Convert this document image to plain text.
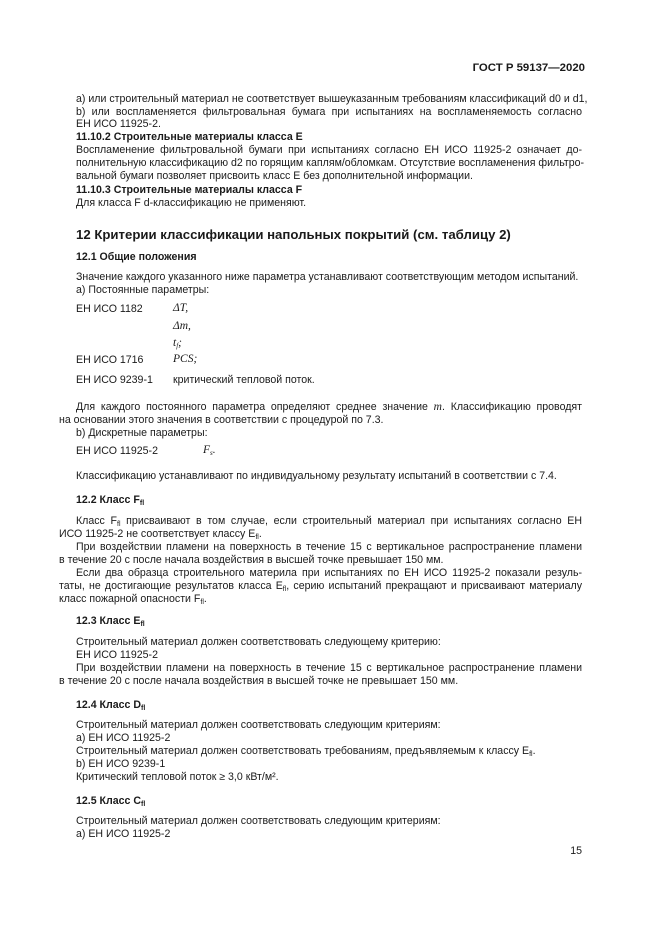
ГОСТ Р 59137—2020
a) или строительный материал не соответствует вышеуказанным требованиям классификаций d0 и d1,
b) или воспламеняется фильтровальная бумага при испытаниях на воспламеняемость согласно
ЕН ИСО 11925-2.
11.10.2 Строительные материалы класса Е
Воспламенение фильтровальной бумаги при испытаниях согласно ЕН ИСО 11925-2 означает до-
полнительную классификацию d2 по горящим каплям/обломкам. Отсутствие воспламенения фильтро-
вальной бумаги позволяет присвоить класс Е без дополнительной информации.
11.10.3 Строительные материалы класса F
Для класса F d-классификацию не применяют.
12 Критерии классификации напольных покрытий (см. таблицу 2)
12.1 Общие положения
Значение каждого указанного ниже параметра устанавливают соответствующим методом испытаний.
а) Постоянные параметры:
ЕН ИСО 1182	ΔT,
Δm,
$t_f$;
ЕН ИСО 1716	PCS;
ЕН ИСО 9239-1 критический тепловой поток.
Для каждого постоянного параметра определяют среднее значение m. Классификацию проводят
на основании этого значения в соответствии с процедурой по 7.3.
b) Дискретные параметры:
ЕН ИСО 11925-2	$F_s$.
Классификацию устанавливают по индивидуальному результату испытаний в соответствии с 7.4.
12.2 Класс $F_{fl}$
Класс $F_{fl}$ присваивают в том случае, если строительный материал при испытаниях согласно ЕН
ИСО 11925-2 не соответствует классу $E_{fl}$.
При воздействии пламени на поверхность в течение 15 с вертикальное распространение пламени
в течение 20 с после начала воздействия в высшей точке превышает 150 мм.
Если два образца строительного материла при испытаниях по ЕН ИСО 11925-2 показали резуль-
таты, не достигающие результатов класса $E_{fl}$, серию испытаний прекращают и присваивают материалу
класс пожарной опасности $F_{fl}$.
12.3 Класс $E_{fl}$
Строительный материал должен соответствовать следующему критерию:
ЕН ИСО 11925-2
При воздействии пламени на поверхность в течение 15 с вертикальное распространение пламени
в течение 20 с после начала воздействия в высшей точке не превышает 150 мм.
12.4 Класс $D_{fl}$
Строительный материал должен соответствовать следующим критериям:
а) ЕН ИСО 11925-2
Строительный материал должен соответствовать требованиям, предъявляемым к классу $E_{fl}$.
b) ЕН ИСО 9239-1
Критический тепловой поток ≥ 3,0 кВт/м².
12.5 Класс $C_{fl}$
Строительный материал должен соответствовать следующим критериям:
а) ЕН ИСО 11925-2
15
